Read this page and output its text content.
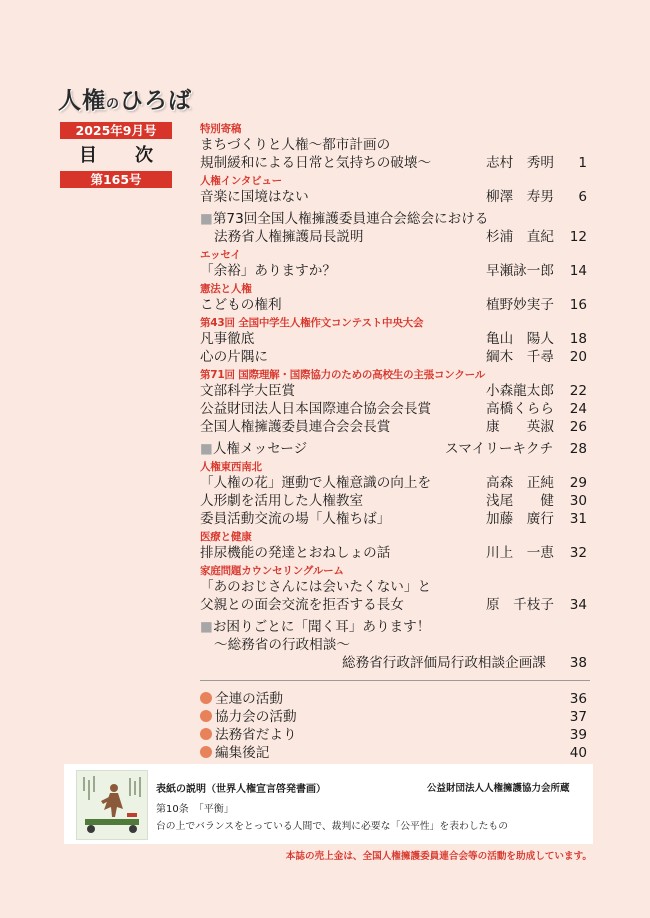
人権のひろば
2025年9月号
目　次
第165号
特別寄稿
まちづくりと人権〜都市計画の
規制緩和による日常と気持ちの破壊〜	志村　秀明 1
人権インタビュー
音楽に国境はない	柳澤　寿男 6
■第73回全国人権擁護委員連合会総会における
法務省人権擁護局長説明	杉浦　直紀 12
エッセイ
「余裕」ありますか？	早瀬詠一郎 14
憲法と人権
こどもの権利	植野妙実子 16
第43回 全国中学生人権作文コンテスト中央大会
凡事徹底	亀山　陽人 18
心の片隅に	綱木　千尋 20
第71回 国際理解・国際協力のための高校生の主張コンクール
文部科学大臣賞	小森龍太郎 22
公益財団法人日本国際連合協会会長賞	高橋くらら 24
全国人権擁護委員連合会会長賞	康　　英淑 26
■人権メッセージ	スマイリーキクチ 28
人権東西南北
「人権の花」運動で人権意識の向上を	高森　正純 29
人形劇を活用した人権教室	浅尾　　健 30
委員活動交流の場「人権ちば」	加藤　廣行 31
医療と健康
排尿機能の発達とおねしょの話	川上　一恵 32
家庭問題カウンセリングルーム
「あのおじさんには会いたくない」と
父親との面会交流を拒否する長女	原　千枝子 34
■お困りごとに「聞く耳」あります！
〜総務省の行政相談〜
総務省行政評価局行政相談企画課 38
全連の活動	36
協力会の活動	37
法務省だより	39
編集後記	40
表紙の説明（世界人権宣言啓発書画）	公益財団法人人権擁護協力会所蔵
第10条　「平衡」
台の上でバランスをとっている人間で、裁判に必要な「公平性」を表わしたもの
本誌の売上金は、全国人権擁護委員連合会等の活動を助成しています。
